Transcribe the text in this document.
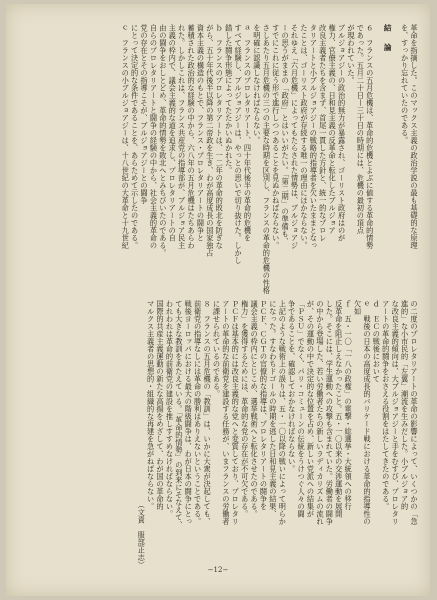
革命を指摘した。このマックス主義の政治学説の最も基礎的な原理
を、すっかり忘れていたのである。
結　論
６　フランスの五月危機は、革命的危機とよぶに値する革命的情勢
であった。五月二十日—三十日の時期には、危機の最初の頂点
が現われていた。
ブルジョアジーの政治的無力が暴露され、ゴーリスト政府はのが
権力、官僚主義の、日和見主義の反革命と転化したブルジョア
改良主義者たちを含まず、首尾一貫した方針と、統一的なプロレ
タリアートと小ブルジョアジーの戦略的指導者を欠いたままとなっ
たことは、ゴーリスト政府が存続する唯一の理由にほかならない。
それゆえ「六月危機」によってもたらされた情勢は、ブルジョアジ
ーの思うがままの「政府」とはいいがたい。「第二期」の準備も、
すでにこれに従う形で進行しつつあることを見ぬかねばならない。
さしあたり五月危機の三つの主要な時期を区別し、フランスの革命的危機の性格
を明確に認識しなければならない。
ａ　フランスのプロレタリアート、四十年代後半の革命的危機を
すべて経験し、ブルジョアジーは、やっとの思いで切り抜けた。しかし
錯した闘争形態によってたたかいぬかれた。
ｂ　フランスのプロレタリアートは、一二年の革命的敗北を防ぎな
がら、五十年代後半以降の第二帝政を生き、わが高度成長の国家独占
資本主義の構造のもとで、フランス・プロレタリアートの闘争と
蓄積された政治的な経験の中から、六八年の五月危機はたちあらわ
れた。しかしこれは、フランス共産党の指導部が、ブルジョア民主
主義の枠内で、議会主義的な道を追求し、プロレタリアートの自
由の闘争をおしとどめ、革命的情勢を敗北へとみちびいたのである。
自らのプロレタリアートと闘争の経験の中から、社会主義的革命の
党の存在とその指導こそが、ブルジョアジーとの闘争
にとって決定的な条件であることを、あらためて示したのである。
ｃ　フランスの小ブルジョアジーは、十八世紀の大革命と十九世紀
の二度のプロレタリアートの革命の影響によって、いくつかの「急
進的」な小市民的「左翼」潮流を生みだした。小ブルジョア的
な改良主義的傾向は、大ブルジョアジーと手をむすび、プロレタリ
アートの革命的闘争をおさえる役割をはたしてきたのである。
ｄ　ＥＣの戦後において
ｅ　戦後の日本の高度成長的バリケード戦における革命的指導性の
欠如
ｆ　五・一〇「一八の政権」の電撃・総選挙・大統領への移行
反革命を阻止しえなかったこと。五・一〇以来の交渉運動を展開
した。そこには、学生運動への攻撃も含まれていた。労働者の闘争
の中から登場した、若い労働者たちの新しいラディカリズムの流れ
が、その運動の中で決定的な位置を占め、新しい党派への結集が
「ＰＳＵ」でなく、パリ・コミューンの伝統をうけつぐ人々の闘
争であることを、確認しておかなければならない。
上記のような戦術上の誤りは、五・一〇以降の戦いによって明らか
になった。すなわちドゴールの時期を逃した日和見主義の結果、
ＰＣＦ、ＣＧＴの官僚的な指導は、プロレタリアートの闘争を
議会主義の枠内にとじこめ、選挙戦術へと転化させたのである。
権力」を獲得するためには、革命的な党の存在が不可欠である。
ＰＣＦは基本的には改良主義的な党へと変質しており、プロレタリ
アートの革命的な前衛党を建設する任務が、いまフランスの労働者
に課せられているのである。
８　フランスの五月危機の「教訓」は、いかに大衆が決起しても、
前衛党の指導なしには革命の勝利はありえないということである。
戦後ヨーロッパにおける最大の階級闘争は、わが日本の闘争にとっ
ても大きな教訓をあたえている。「革命的情勢」の到来にそなえて、
われわれは革命的前衛党の建設を推しすすめなければならない。
国際的共産主義運動の新たな高揚をめざして、わが国の革命的
マルクス主義者の思想的・組織的な再建を急がねばならない。
（文責　服部正志）
−12−
